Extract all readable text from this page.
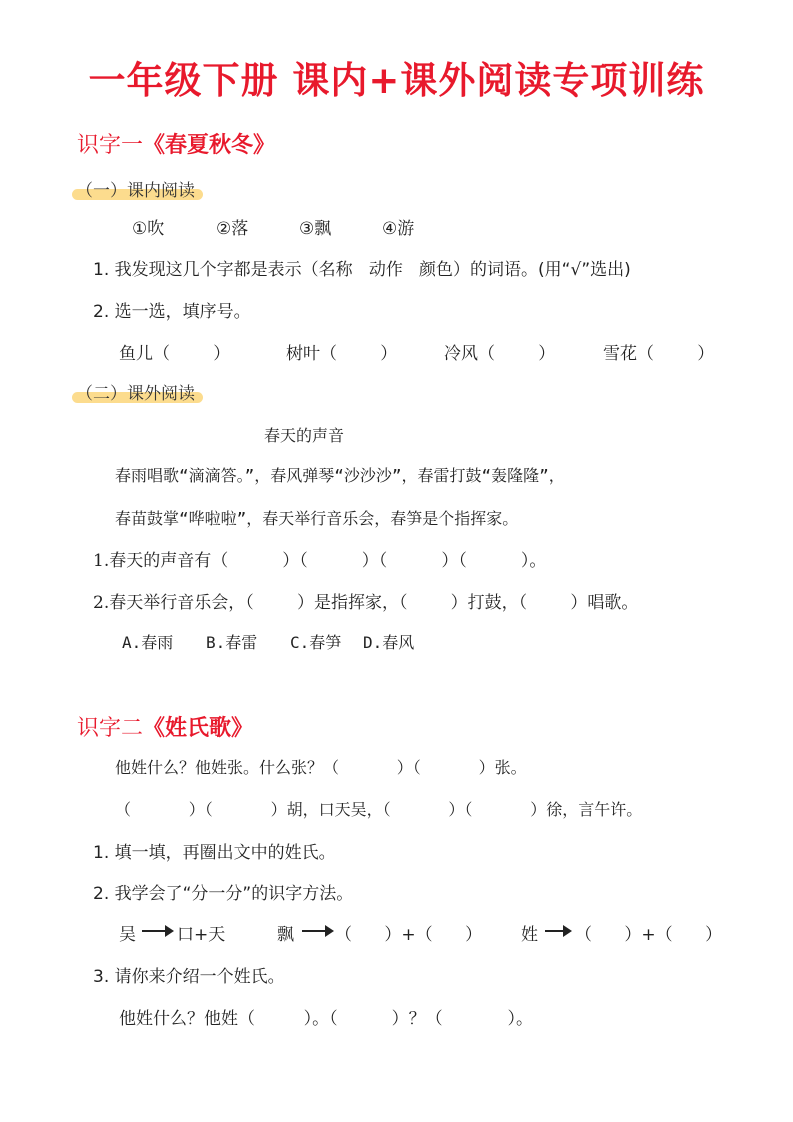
一年级下册 课内+课外阅读专项训练
识字一《春夏秋冬》
（一）课内阅读
①吹	②落	③飘	④游
1. 我发现这几个字都是表示（名称   动作   颜色）的词语。(用“√”选出)
2. 选一选，填序号。
鱼儿（        ）	树叶（        ）	冷风（        ）	雪花（        ）
（二）课外阅读
春天的声音
春雨唱歌“滴滴答。”，春风弹琴“沙沙沙”，春雷打鼓“轰隆隆”，
春苗鼓掌“哗啦啦”，春天举行音乐会，春笋是个指挥家。
1.春天的声音有（          ）（          ）（          ）（          ）。
2.春天举行音乐会，（        ）是指挥家，（        ）打鼓，（        ）唱歌。
A.春雨 B.春雷 C.春笋 D.春风
识字二《姓氏歌》
他姓什么？他姓张。什么张？（      ）（      ）张。
（      ）（      ）胡，口天吴，（      ）（      ）徐，言午许。
1. 填一填，再圈出文中的姓氏。
2. 我学会了“分一分”的识字方法。
吴 口+天	飘 （      ）+（      ） 姓 （      ）+（      ）
3. 请你来介绍一个姓氏。
他姓什么？他姓（         ）。（          ）？（            ）。
